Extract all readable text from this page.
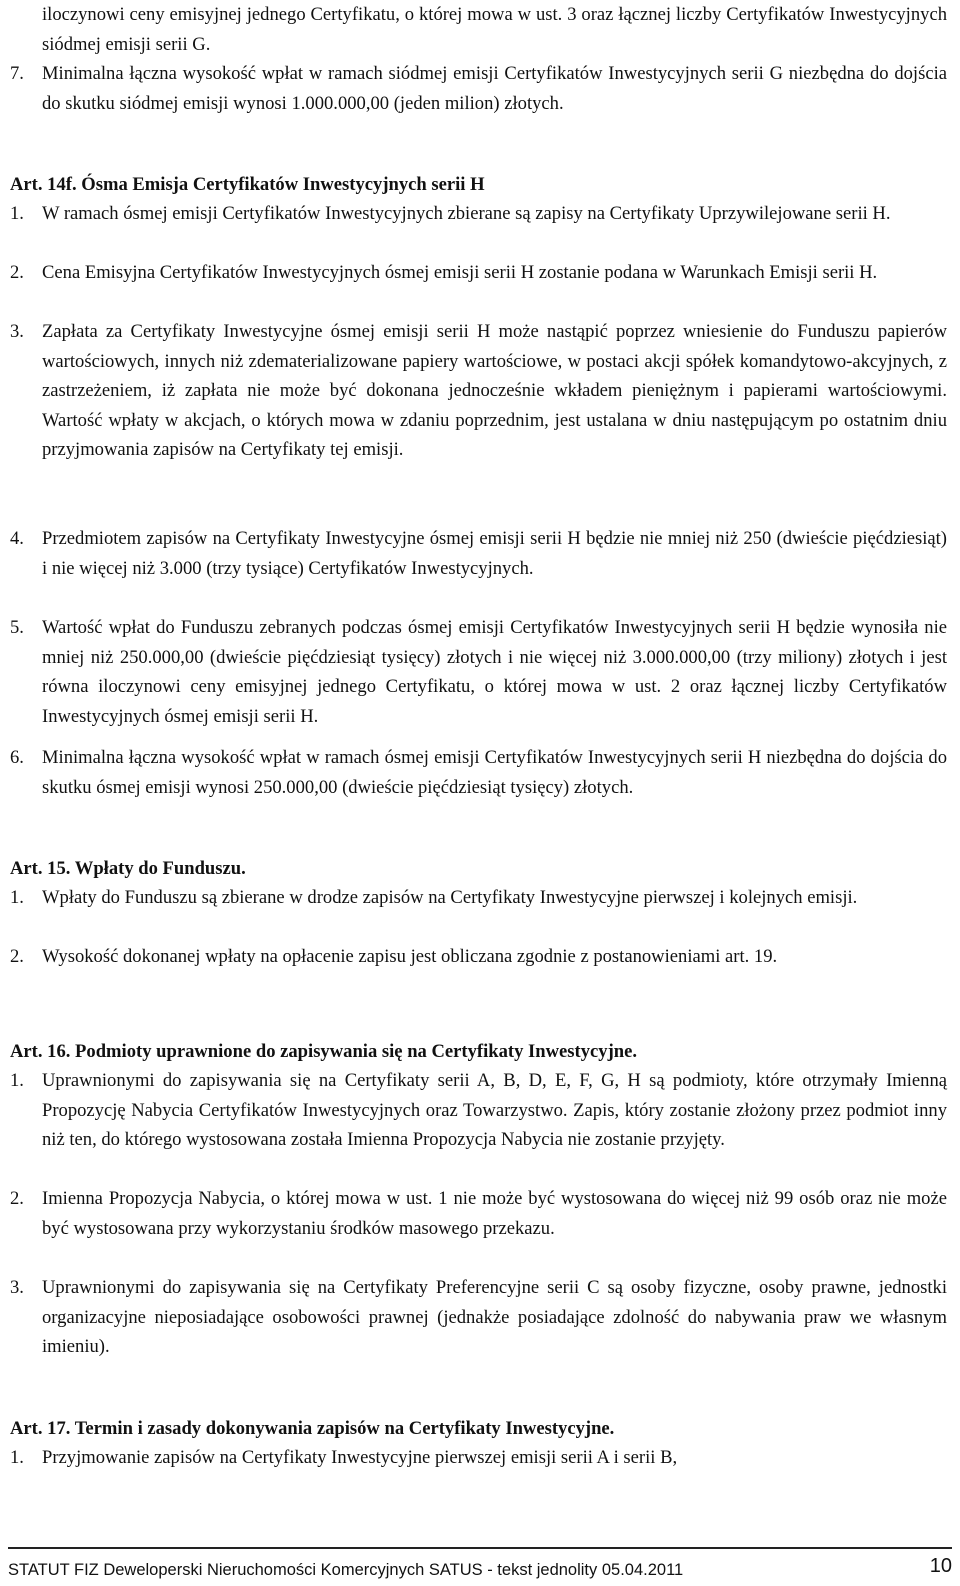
iloczynowi ceny emisyjnej jednego Certyfikatu, o której mowa w ust. 3 oraz łącznej liczby Certyfikatów Inwestycyjnych siódmej emisji serii G.

7. Minimalna łączna wysokość wpłat w ramach siódmej emisji Certyfikatów Inwestycyjnych serii G niezbędna do dojścia do skutku siódmej emisji wynosi 1.000.000,00 (jeden milion) złotych.

Art. 14f. Ósma Emisja Certyfikatów Inwestycyjnych serii H
1. W ramach ósmej emisji Certyfikatów Inwestycyjnych zbierane są zapisy na Certyfikaty Uprzywilejowane serii H.

2. Cena Emisyjna Certyfikatów Inwestycyjnych ósmej emisji serii H zostanie podana w Warunkach Emisji serii H.

3. Zapłata za Certyfikaty Inwestycyjne ósmej emisji serii H może nastąpić poprzez wniesienie do Funduszu papierów wartościowych, innych niż zdematerializowane papiery wartościowe, w postaci akcji spółek komandytowo-akcyjnych, z zastrzeżeniem, iż zapłata nie może być dokonana jednocześnie wkładem pieniężnym i papierami wartościowymi. Wartość wpłaty w akcjach, o których mowa w zdaniu poprzednim, jest ustalana w dniu następującym po ostatnim dniu przyjmowania zapisów na Certyfikaty tej emisji.

4. Przedmiotem zapisów na Certyfikaty Inwestycyjne ósmej emisji serii H będzie nie mniej niż 250 (dwieście pięćdziesiąt) i nie więcej niż 3.000 (trzy tysiące) Certyfikatów Inwestycyjnych.

5. Wartość wpłat do Funduszu zebranych podczas ósmej emisji Certyfikatów Inwestycyjnych serii H będzie wynosiła nie mniej niż 250.000,00 (dwieście pięćdziesiąt tysięcy) złotych i nie więcej niż 3.000.000,00 (trzy miliony) złotych i jest równa iloczynowi ceny emisyjnej jednego Certyfikatu, o której mowa w ust. 2 oraz łącznej liczby Certyfikatów Inwestycyjnych ósmej emisji serii H.

6. Minimalna łączna wysokość wpłat w ramach ósmej emisji Certyfikatów Inwestycyjnych serii H niezbędna do dojścia do skutku ósmej emisji wynosi 250.000,00 (dwieście pięćdziesiąt tysięcy) złotych.

Art. 15. Wpłaty do Funduszu.
1. Wpłaty do Funduszu są zbierane w drodze zapisów na Certyfikaty Inwestycyjne pierwszej i kolejnych emisji.

2. Wysokość dokonanej wpłaty na opłacenie zapisu jest obliczana zgodnie z postanowieniami art. 19.

Art. 16. Podmioty uprawnione do zapisywania się na Certyfikaty Inwestycyjne.
1. Uprawnionymi do zapisywania się na Certyfikaty serii A, B, D, E, F, G, H są podmioty, które otrzymały Imienną Propozycję Nabycia Certyfikatów Inwestycyjnych oraz Towarzystwo. Zapis, który zostanie złożony przez podmiot inny niż ten, do którego wystosowana została Imienna Propozycja Nabycia nie zostanie przyjęty.

2. Imienna Propozycja Nabycia, o której mowa w ust. 1 nie może być wystosowana do więcej niż 99 osób oraz nie może być wystosowana przy wykorzystaniu środków masowego przekazu.

3. Uprawnionymi do zapisywania się na Certyfikaty Preferencyjne serii C są osoby fizyczne, osoby prawne, jednostki organizacyjne nieposiadające osobowości prawnej (jednakże posiadające zdolność do nabywania praw we własnym imieniu).

Art. 17. Termin i zasady dokonywania zapisów na Certyfikaty Inwestycyjne.
1. Przyjmowanie zapisów na Certyfikaty Inwestycyjne pierwszej emisji serii A i serii B,

STATUT FIZ Deweloperski Nieruchomości Komercyjnych SATUS - tekst jednolity 05.04.2011	10
